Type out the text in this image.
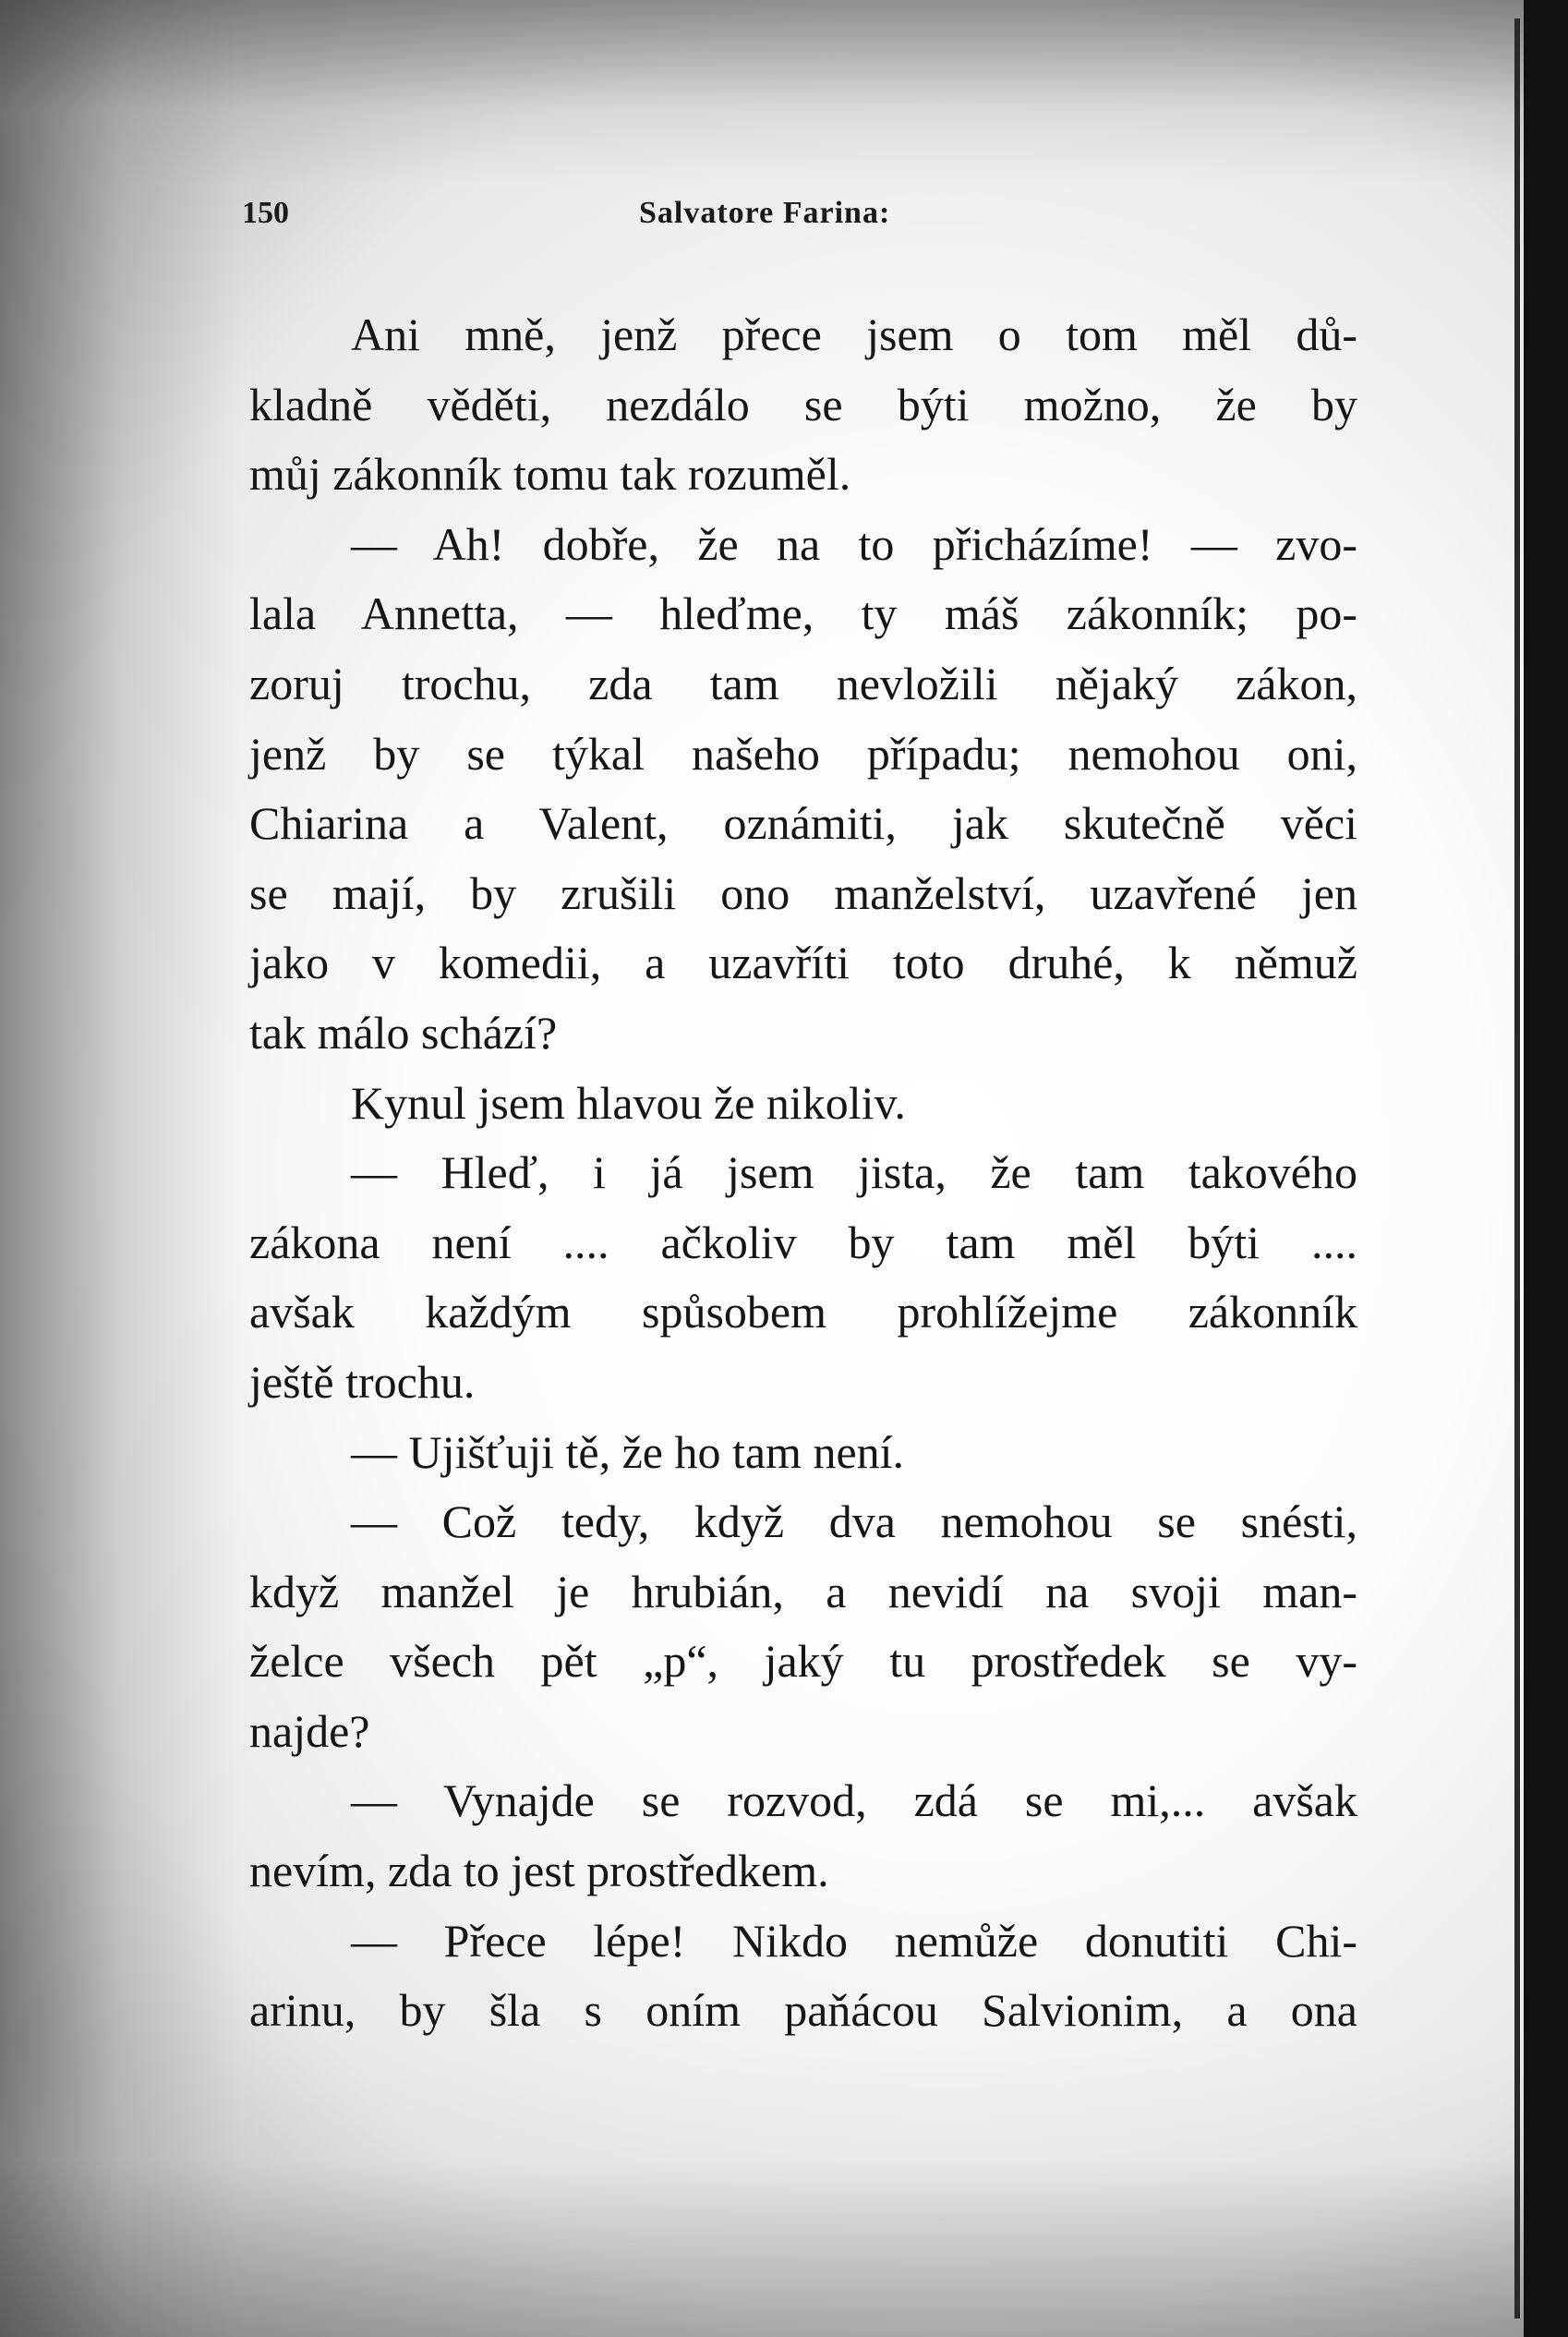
150	Salvatore Farina:
Ani mně, jenž přece jsem o tom měl dů-
kladně věděti, nezdálo se býti možno, že by
můj zákonník tomu tak rozuměl.
— Ah! dobře, že na to přicházíme! — zvo-
lala Annetta, — hleďme, ty máš zákonník; po-
zoruj trochu, zda tam nevložili nějaký zákon,
jenž by se týkal našeho případu; nemohou oni,
Chiarina a Valent, oznámiti, jak skutečně věci
se mají, by zrušili ono manželství, uzavřené jen
jako v komedii, a uzavříti toto druhé, k němuž
tak málo schází?
Kynul jsem hlavou že nikoliv.
— Hleď, i já jsem jista, že tam takového
zákona není .... ačkoliv by tam měl býti ....
avšak každým spůsobem prohlížejme zákonník
ještě trochu.
— Ujišťuji tě, že ho tam není.
— Což tedy, když dva nemohou se snésti,
když manžel je hrubián, a nevidí na svoji man-
želce všech pět „p“, jaký tu prostředek se vy-
najde?
— Vynajde se rozvod, zdá se mi,... avšak
nevím, zda to jest prostředkem.
— Přece lépe! Nikdo nemůže donutiti Chi-
arinu, by šla s oním paňácou Salvionim, a ona
